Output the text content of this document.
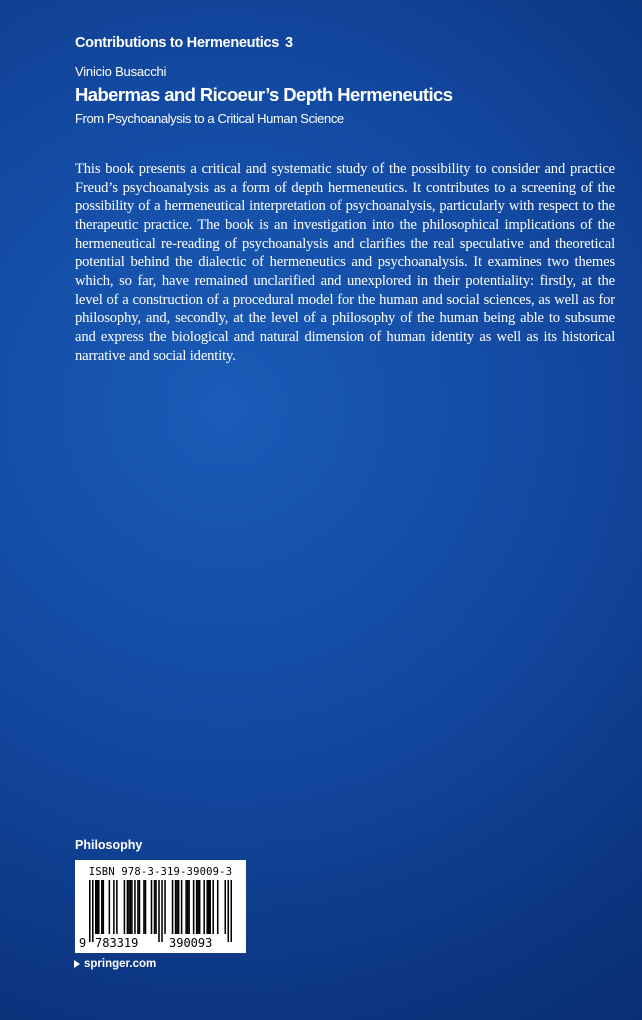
Contributions to Hermeneutics 3
Vinicio Busacchi
Habermas and Ricoeur’s Depth Hermeneutics
From Psychoanalysis to a Critical Human Science
This book presents a critical and systematic study of the possibility to consider and practice Freud’s psychoanalysis as a form of depth hermeneutics. It contributes to a screening of the possibility of a hermeneutical interpretation of psychoanalysis, particularly with respect to the therapeutic practice. The book is an investigation into the philosophical implications of the hermeneutical re-reading of psychoanalysis and clarifies the real speculative and theoretical potential behind the dialectic of hermeneutics and psychoanalysis. It examines two themes which, so far, have remained unclarified and unexplored in their potentiality: firstly, at the level of a construction of a procedural model for the human and social sciences, as well as for philosophy, and, secondly, at the level of a philosophy of the human being able to subsume and express the biological and natural dimension of human identity as well as its historical narrative and social identity.
Philosophy
ISBN 978-3-319-39009-3
9 783319	390093
springer.com
